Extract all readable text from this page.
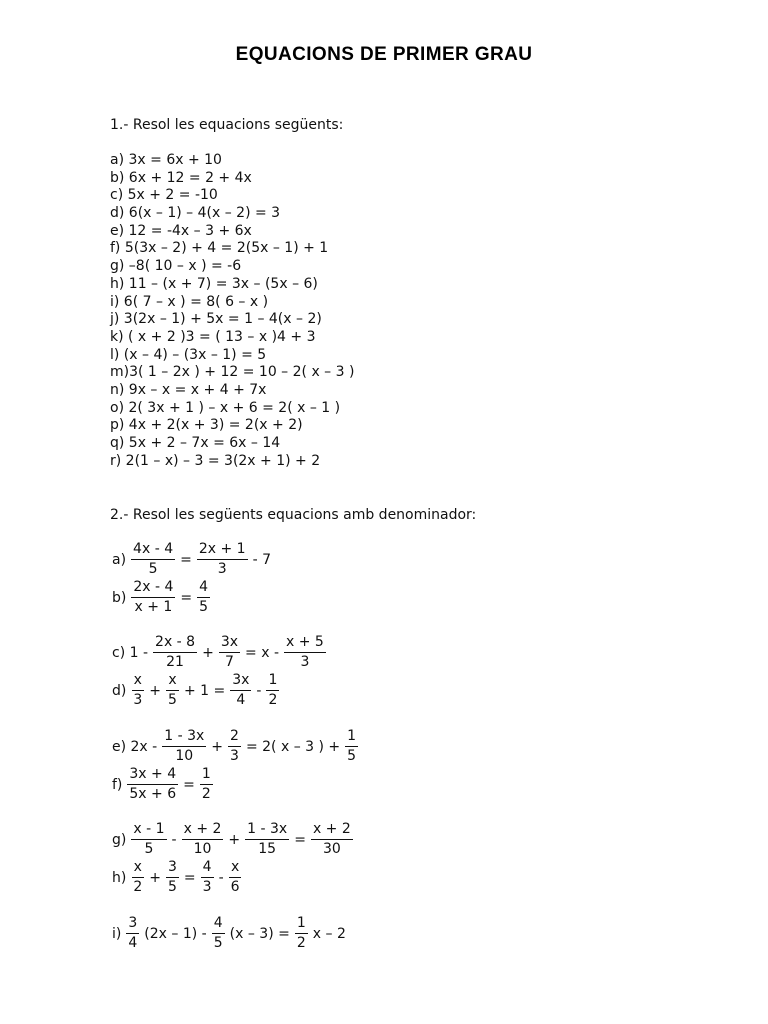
EQUACIONS DE PRIMER GRAU
1.- Resol les equacions següents:
a) 3x = 6x + 10
b) 6x + 12 = 2 + 4x
c) 5x + 2 = -10
d) 6(x – 1) – 4(x – 2) = 3
e) 12 = -4x – 3 + 6x
f) 5(3x – 2) + 4 = 2(5x – 1) + 1
g) –8( 10 – x ) = -6
h) 11 – (x + 7) = 3x – (5x – 6)
i) 6( 7 – x ) = 8( 6 – x )
j) 3(2x – 1) + 5x = 1 – 4(x – 2)
k) ( x + 2 )3 = ( 13 – x )4 + 3
l) (x – 4) – (3x – 1) = 5
m)3( 1 – 2x ) + 12 = 10 – 2( x – 3 )
n) 9x – x = x + 4 + 7x
o) 2( 3x + 1 ) – x + 6 = 2( x – 1 )
p) 4x + 2(x + 3) = 2(x + 2)
q) 5x + 2 – 7x = 6x – 14
r) 2(1 – x) – 3 = 3(2x + 1) + 2
2.- Resol les següents equacions amb denominador:
$a) \frac{4x - 4}{5} = \frac{2x + 1}{3} - 7$
$b) \frac{2x - 4}{x + 1} = \frac{4}{5}$
c) $1 - \frac{2x - 8}{21} + \frac{3x}{7} = x - \frac{x + 5}{3}$
$d) \frac{x}{3} + \frac{x}{5} + 1 = \frac{3x}{4} - \frac{1}{2}$
e) $2x - \frac{1 - 3x}{10} + \frac{2}{3} = 2$( x – 3 ) + $\frac{1}{5}$
$f) \frac{3x + 4}{5x + 6} = \frac{1}{2}$
$g) \frac{x - 1}{5} - \frac{x + 2}{10} + \frac{1 - 3x}{15} = \frac{x + 2}{30}$
$h) \frac{x}{2} + \frac{3}{5} = \frac{4}{3} - \frac{x}{6}$
$i) \frac{3}{4} (2x - 1) - \frac{4}{5} (x - 3) = \frac{1}{2}$ x – 2
